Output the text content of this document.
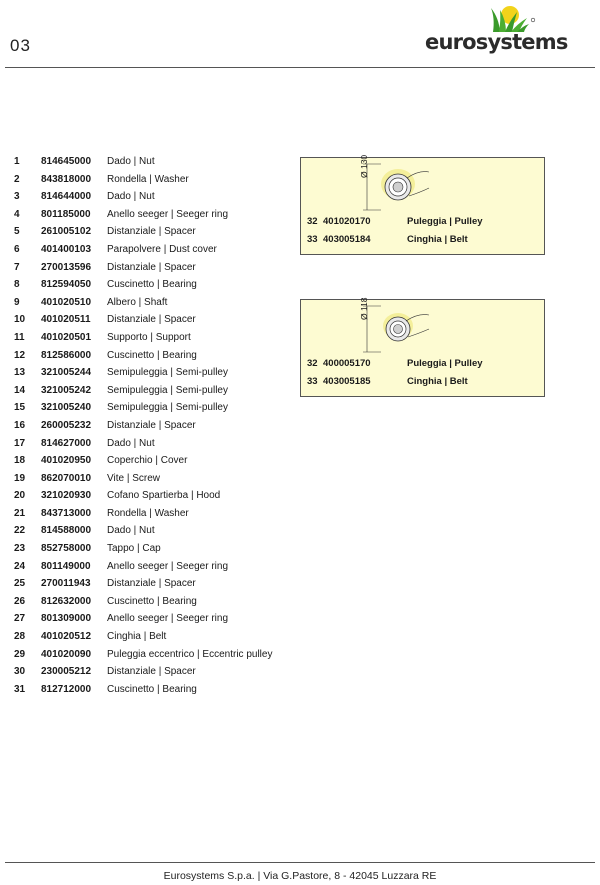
03	eurosystems
1	814645000 Dado | Nut
2	843818000 Rondella | Washer
3	814644000 Dado | Nut
4	801185000 Anello seeger | Seeger ring
5	261005102 Distanziale | Spacer
6	401400103 Parapolvere | Dust cover
7	270013596 Distanziale | Spacer
8	812594050 Cuscinetto | Bearing
9	401020510 Albero | Shaft
10	401020511 Distanziale | Spacer
11	401020501 Supporto | Support
12	812586000 Cuscinetto | Bearing
13	321005244 Semipuleggia | Semi-pulley
14	321005242 Semipuleggia | Semi-pulley
15	321005240 Semipuleggia | Semi-pulley
16	260005232 Distanziale | Spacer
17	814627000 Dado | Nut
18	401020950 Coperchio | Cover
19	862070010 Vite | Screw
20	321020930 Cofano Spartierba | Hood
21	843713000 Rondella | Washer
22	814588000 Dado | Nut
23	852758000 Tappo | Cap
24	801149000 Anello seeger | Seeger ring
25	270011943 Distanziale | Spacer
26	812632000 Cuscinetto | Bearing
27	801309000 Anello seeger | Seeger ring
28	401020512 Cinghia | Belt
29	401020090 Puleggia eccentrico | Eccentric pulley
30	230005212 Distanziale | Spacer
31	812712000 Cuscinetto | Bearing
Ø 130
32 401020170	Puleggia | Pulley
33 403005184	Cinghia | Belt
Ø 118
32 400005170	Puleggia | Pulley
33 403005185	Cinghia | Belt
Eurosystems S.p.a. | Via G.Pastore, 8 - 42045 Luzzara RE
